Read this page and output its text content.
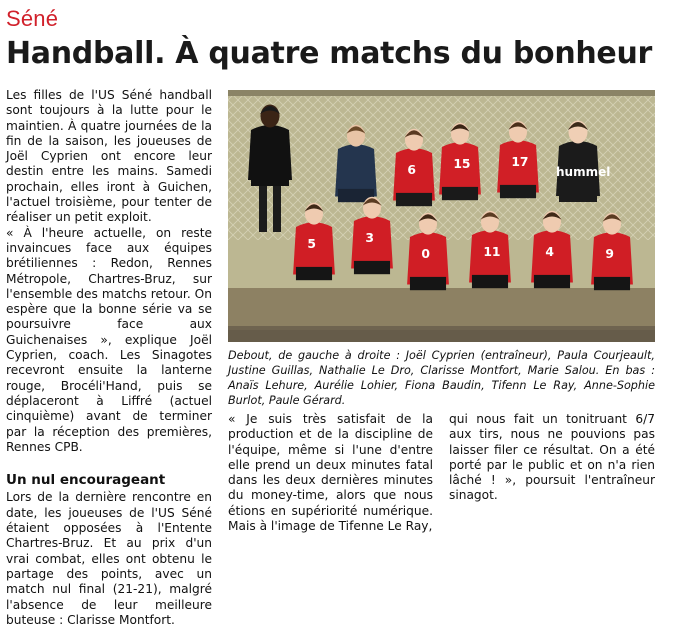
Séné
Handball. À quatre matchs du bonheur

Les filles de l'US Séné handball sont toujours à la lutte pour le maintien. À quatre journées de la fin de la saison, les joueuses de Joël Cyprien ont encore leur destin entre les mains. Samedi prochain, elles iront à Guichen, l'actuel troisième, pour tenter de réaliser un petit exploit.

« À l'heure actuelle, on reste invaincues face aux équipes brétiliennes : Redon, Rennes Métropole, Chartres-Bruz, sur l'ensemble des matchs retour. On espère que la bonne série va se poursuivre face aux Guichenaises », explique Joël Cyprien, coach. Les Sinagotes recevront ensuite la lanterne rouge, Brocéli'Hand, puis se déplaceront à Liffré (actuel cinquième) avant de terminer par la réception des premières, Rennes CPB.

Un nul encourageant

Lors de la dernière rencontre en date, les joueuses de l'US Séné étaient opposées à l'Entente Chartres-Bruz. Et au prix d'un vrai combat, elles ont obtenu le partage des points, avec un match nul final (21-21), malgré l'absence de leur meilleure buteuse : Clarisse Montfort.

« Je suis très satisfait de la production et de la discipline de l'équipe, même si l'une d'entre elle prend un deux minutes fatal dans les deux dernières minutes du money-time, alors que nous étions en supériorité numérique. Mais à l'image de Tifenne Le Ray,

qui nous fait un tonitruant 6/7 aux tirs, nous ne pouvions pas laisser filer ce résultat. On a été porté par le public et on n'a rien lâché ! », poursuit l'entraîneur sinagot.

6	15	17
hummel
5	3
0	11	4	9
Debout, de gauche à droite : Joël Cyprien (entraîneur), Paula Courjeault, Justine Guillas, Nathalie Le Dro, Clarisse Montfort, Marie Salou. En bas : Anaïs Lehure, Aurélie Lohier, Fiona Baudin, Tifenn Le Ray, Anne-Sophie Burlot, Paule Gérard.
